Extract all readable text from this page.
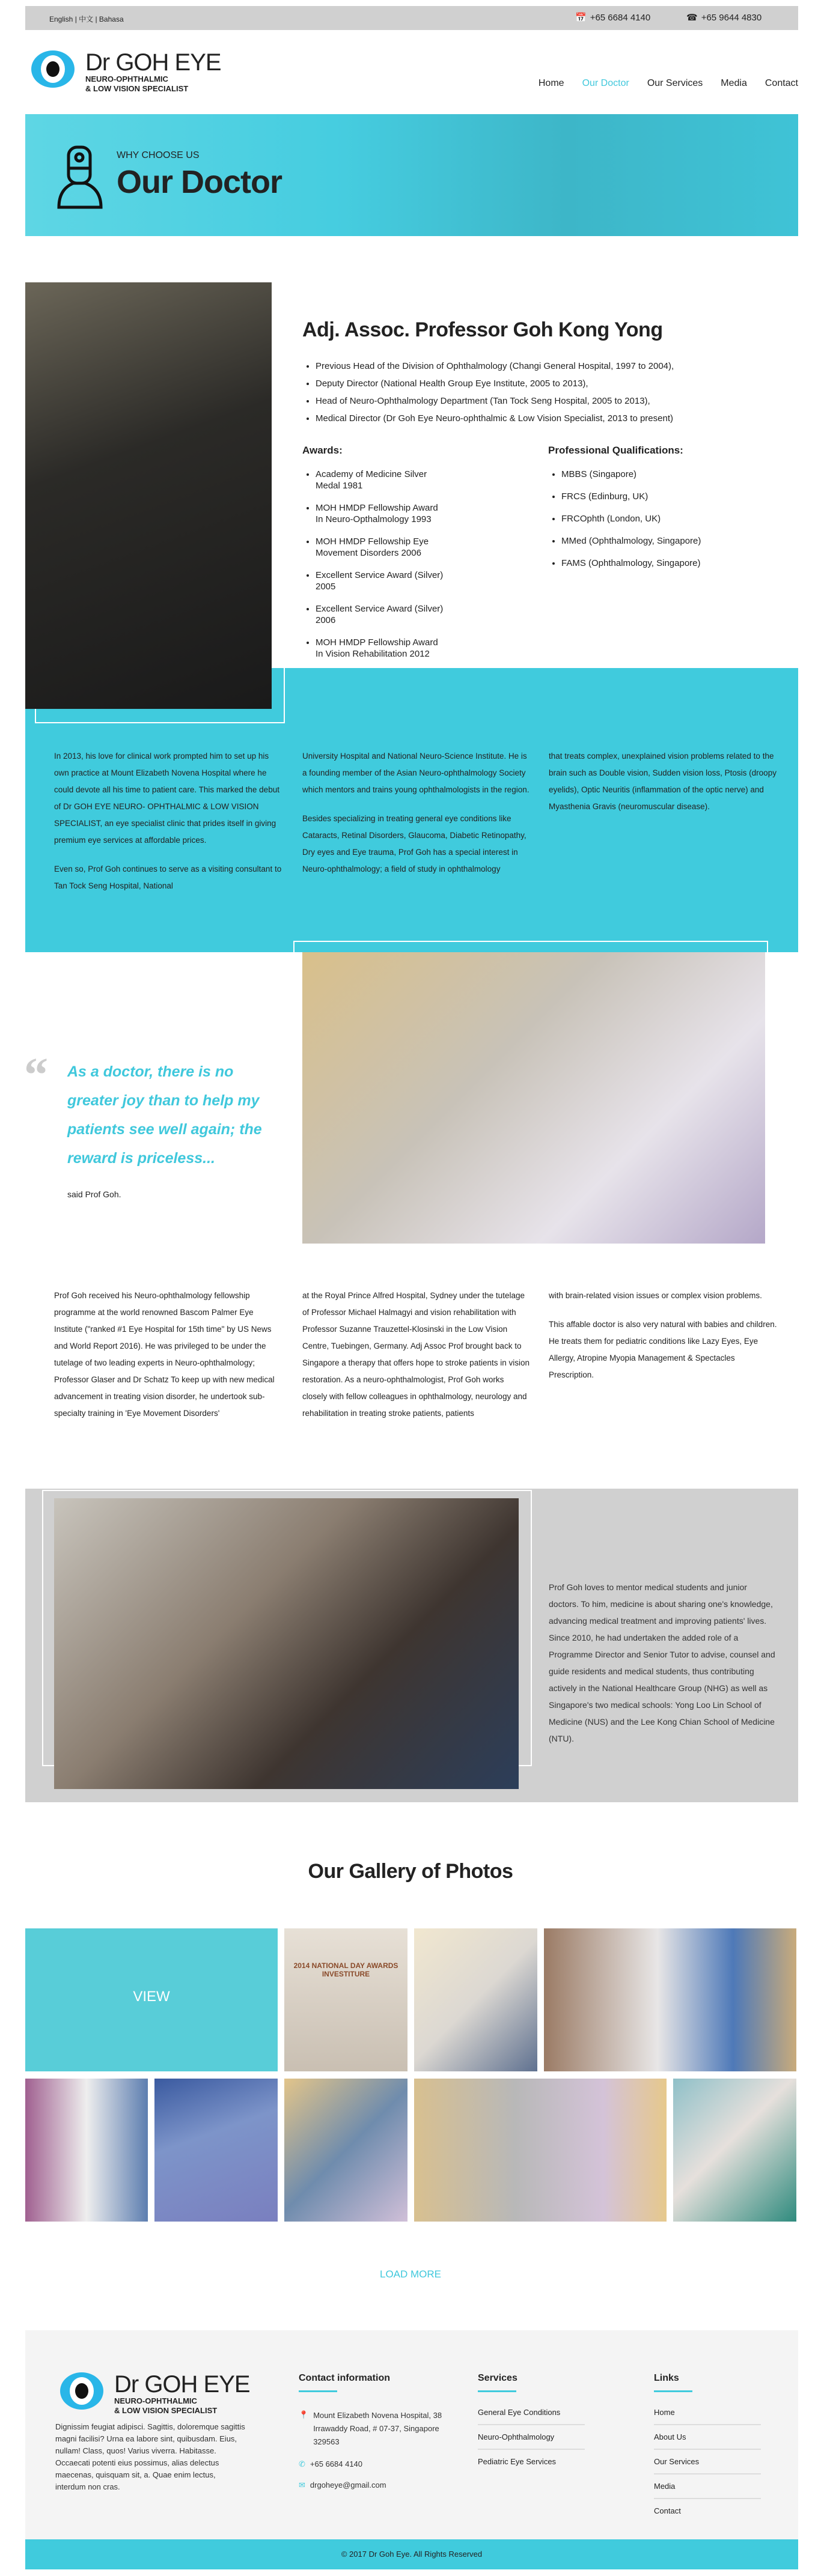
English | 中文 | Bahasa	📅 +65 6684 4140	☎ +65 9644 4830
Dr GOH EYE
NEURO-OPHTHALMIC
& LOW VISION SPECIALIST
Home Our Doctor Our Services Media Contact
WHY CHOOSE US
Our Doctor
Adj. Assoc. Professor Goh Kong Yong
• Previous Head of the Division of Ophthalmology (Changi General Hospital, 1997 to 2004),
• Deputy Director (National Health Group Eye Institute, 2005 to 2013),
• Head of Neuro-Ophthalmology Department (Tan Tock Seng Hospital, 2005 to 2013),
• Medical Director (Dr Goh Eye Neuro-ophthalmic & Low Vision Specialist, 2013 to present)
Awards:
• Academy of Medicine Silver Medal 1981
• MOH HMDP Fellowship Award In Neuro-Opthalmology 1993
• MOH HMDP Fellowship Eye Movement Disorders 2006
• Excellent Service Award (Silver) 2005
• Excellent Service Award (Silver) 2006
• MOH HMDP Fellowship Award In Vision Rehabilitation 2012
Professional Qualifications:
• MBBS (Singapore)
• FRCS (Edinburg, UK)
• FRCOphth (London, UK)
• MMed (Ophthalmology, Singapore)
• FAMS (Ophthalmology, Singapore)

In 2013, his love for clinical work prompted him to set up his own practice at Mount Elizabeth Novena Hospital where he could devote all his time to patient care. This marked the debut of Dr GOH EYE NEURO- OPHTHALMIC & LOW VISION SPECIALIST, an eye specialist clinic that prides itself in giving premium eye services at affordable prices.

Even so, Prof Goh continues to serve as a visiting consultant to Tan Tock Seng Hospital, National

University Hospital and National Neuro-Science Institute. He is a founding member of the Asian Neuro-ophthalmology Society which mentors and trains young ophthalmologists in the region.

Besides specializing in treating general eye conditions like Cataracts, Retinal Disorders, Glaucoma, Diabetic Retinopathy, Dry eyes and Eye trauma, Prof Goh has a special interest in Neuro-ophthalmology; a field of study in ophthalmology

that treats complex, unexplained vision problems related to the brain such as Double vision, Sudden vision loss, Ptosis (droopy eyelids), Optic Neuritis (inflammation of the optic nerve) and Myasthenia Gravis (neuromuscular disease).

“ As a doctor, there is no greater joy than to help my patients see well again; the reward is priceless...
said Prof Goh.

Prof Goh received his Neuro-ophthalmology fellowship programme at the world renowned Bascom Palmer Eye Institute ("ranked #1 Eye Hospital for 15th time" by US News and World Report 2016). He was privileged to be under the tutelage of two leading experts in Neuro-ophthalmology; Professor Glaser and Dr Schatz To keep up with new medical advancement in treating vision disorder, he undertook sub-specialty training in 'Eye Movement Disorders'

at the Royal Prince Alfred Hospital, Sydney under the tutelage of Professor Michael Halmagyi and vision rehabilitation with Professor Suzanne Trauzettel-Klosinski in the Low Vision Centre, Tuebingen, Germany. Adj Assoc Prof brought back to Singapore a therapy that offers hope to stroke patients in vision restoration. As a neuro-ophthalmologist, Prof Goh works closely with fellow colleagues in ophthalmology, neurology and rehabilitation in treating stroke patients, patients

with brain-related vision issues or complex vision problems.

This affable doctor is also very natural with babies and children. He treats them for pediatric conditions like Lazy Eyes, Eye Allergy, Atropine Myopia Management & Spectacles Prescription.

Prof Goh loves to mentor medical students and junior doctors. To him, medicine is about sharing one's knowledge, advancing medical treatment and improving patients' lives. Since 2010, he had undertaken the added role of a Programme Director and Senior Tutor to advise, counsel and guide residents and medical students, thus contributing actively in the National Healthcare Group (NHG) as well as Singapore's two medical schools: Yong Loo Lin School of Medicine (NUS) and the Lee Kong Chian School of Medicine (NTU).
Our Gallery of Photos
VIEW
2014 NATIONAL DAY AWARDS INVESTITURE
LOAD MORE
Dr GOH EYE
NEURO-OPHTHALMIC
& LOW VISION SPECIALIST
Dignissim feugiat adipisci. Sagittis, doloremque sagittis magni facilisi? Urna ea labore sint, quibusdam. Eius, nullam! Class, quos! Varius viverra. Habitasse. Occaecati potenti eius possimus, alias delectus maecenas, quisquam sit, a. Quae enim lectus, interdum non cras.
Contact information
📍 Mount Elizabeth Novena Hospital, 38 Irrawaddy Road, # 07-37, Singapore 329563
✆ +65 6684 4140
✉ drgoheye@gmail.com
Services
General Eye Conditions
Neuro-Ophthalmology
Pediatric Eye Services
Links
Home
About Us
Our Services
Media
Contact
© 2017 Dr Goh Eye. All Rights Reserved
